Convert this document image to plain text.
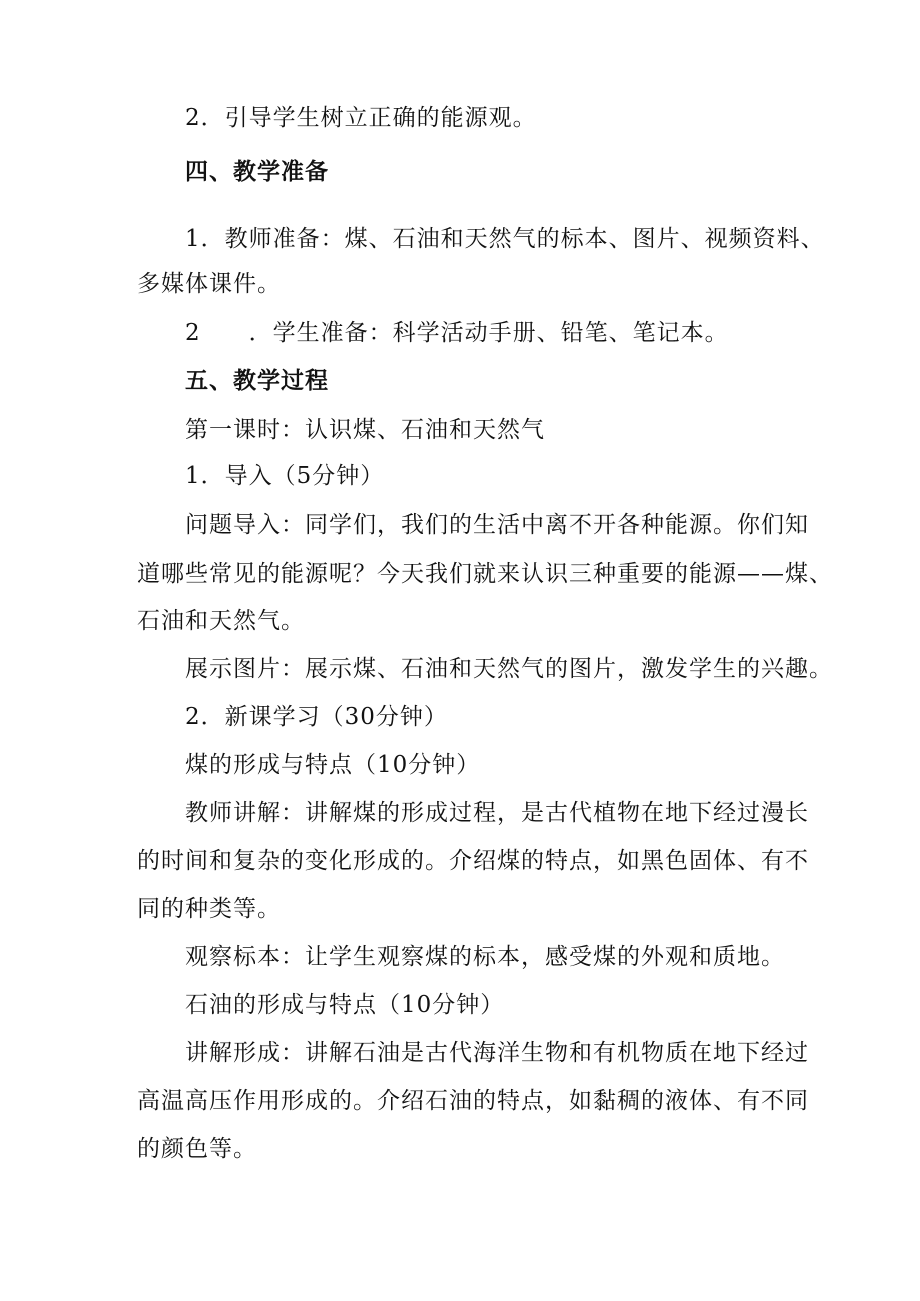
2．引导学生树立正确的能源观。
四、教学准备
1．教师准备：煤、石油和天然气的标本、图片、视频资料、
多媒体课件。
2　　．学生准备：科学活动手册、铅笔、笔记本。
五、教学过程
第一课时：认识煤、石油和天然气
1．导入（5分钟）
问题导入：同学们，我们的生活中离不开各种能源。你们知
道哪些常见的能源呢？今天我们就来认识三种重要的能源——煤、
石油和天然气。
展示图片：展示煤、石油和天然气的图片，激发学生的兴趣。
2．新课学习（30分钟）
煤的形成与特点（10分钟）
教师讲解：讲解煤的形成过程，是古代植物在地下经过漫长
的时间和复杂的变化形成的。介绍煤的特点，如黑色固体、有不
同的种类等。
观察标本：让学生观察煤的标本，感受煤的外观和质地。
石油的形成与特点（10分钟）
讲解形成：讲解石油是古代海洋生物和有机物质在地下经过
高温高压作用形成的。介绍石油的特点，如黏稠的液体、有不同
的颜色等。
